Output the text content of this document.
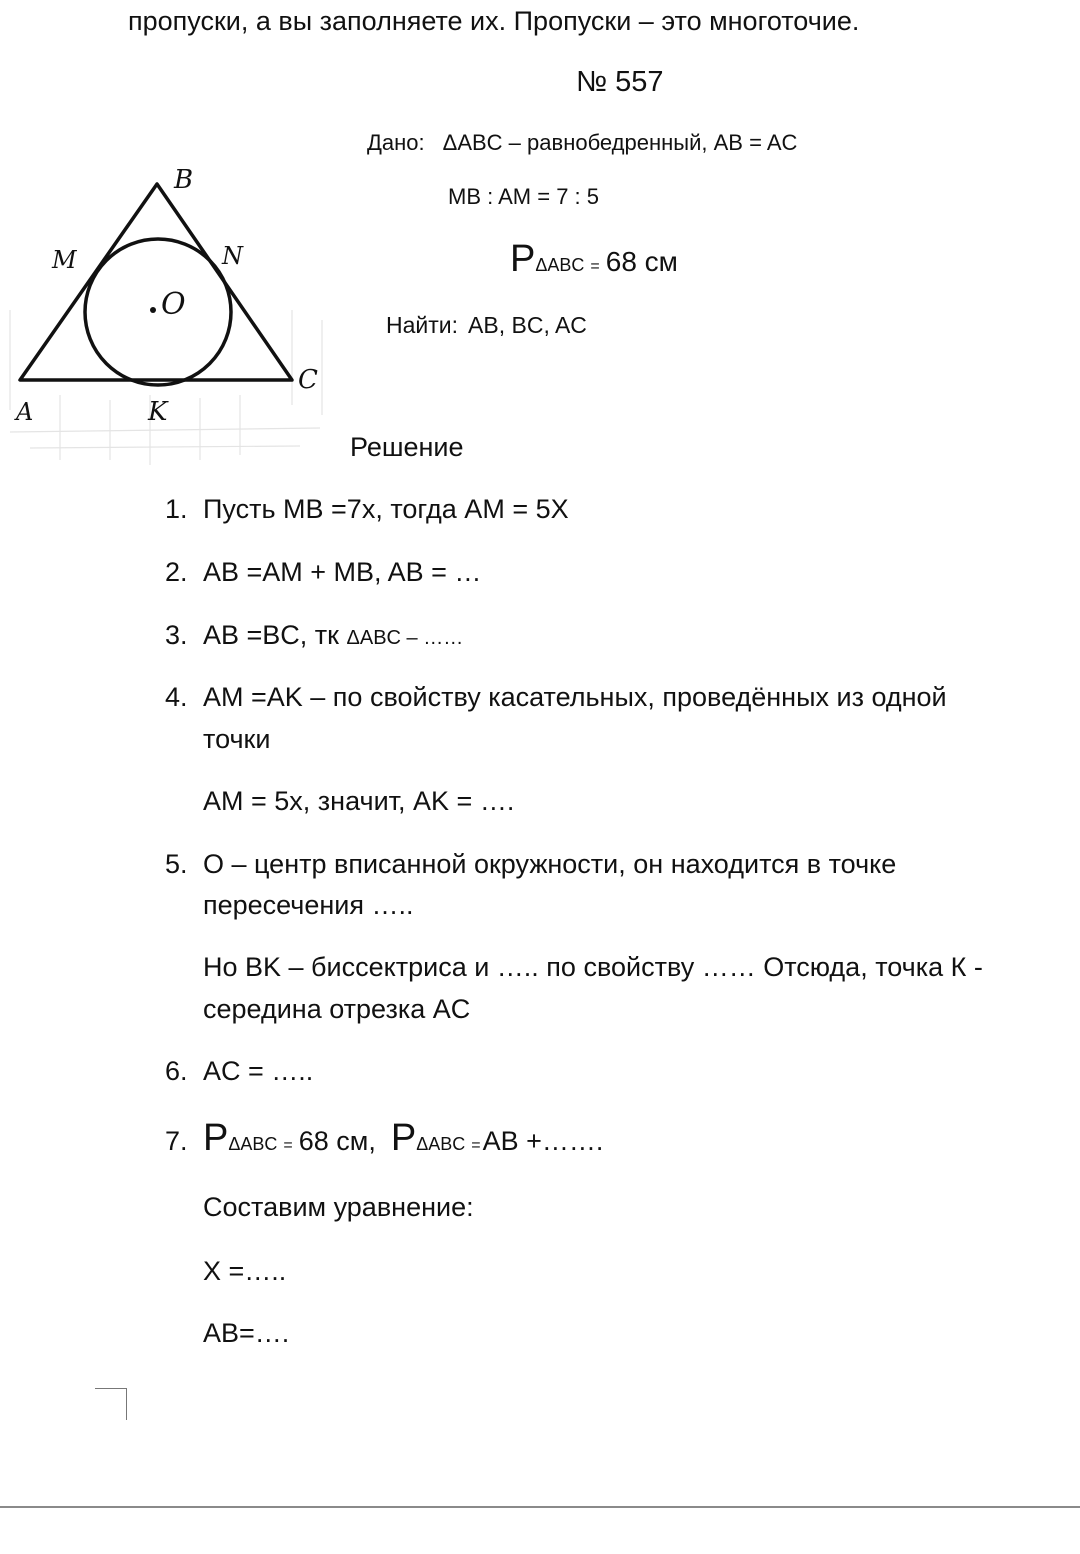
пропуски, а вы заполняете их. Пропуски – это многоточие.
№ 557
Дано: ΔABC – равнобедренный, AB = AC
MB : AM = 7 : 5
PΔABC = 68 см
Найти: AB, BC, AC
B
M	N
O
A	K
C
Решение
1. Пусть MB =7x, тогда AM = 5X
2. AB =AM + MB, AB = …
3. AB =BC, тк ΔABC – ……
4. AM =AK – по свойству касательных, проведённых из одной
точки
AM = 5x, значит, AK = ….
5. О – центр вписанной окружности, он находится в точке
пересечения …..
Но BK – биссектриса и ….. по свойству …… Отсюда, точка К -
середина отрезка AC
6. AC = …..
7. PΔABC = 68 см, PΔABC =AB +…….
Составим уравнение:
X =…..
AB=….
